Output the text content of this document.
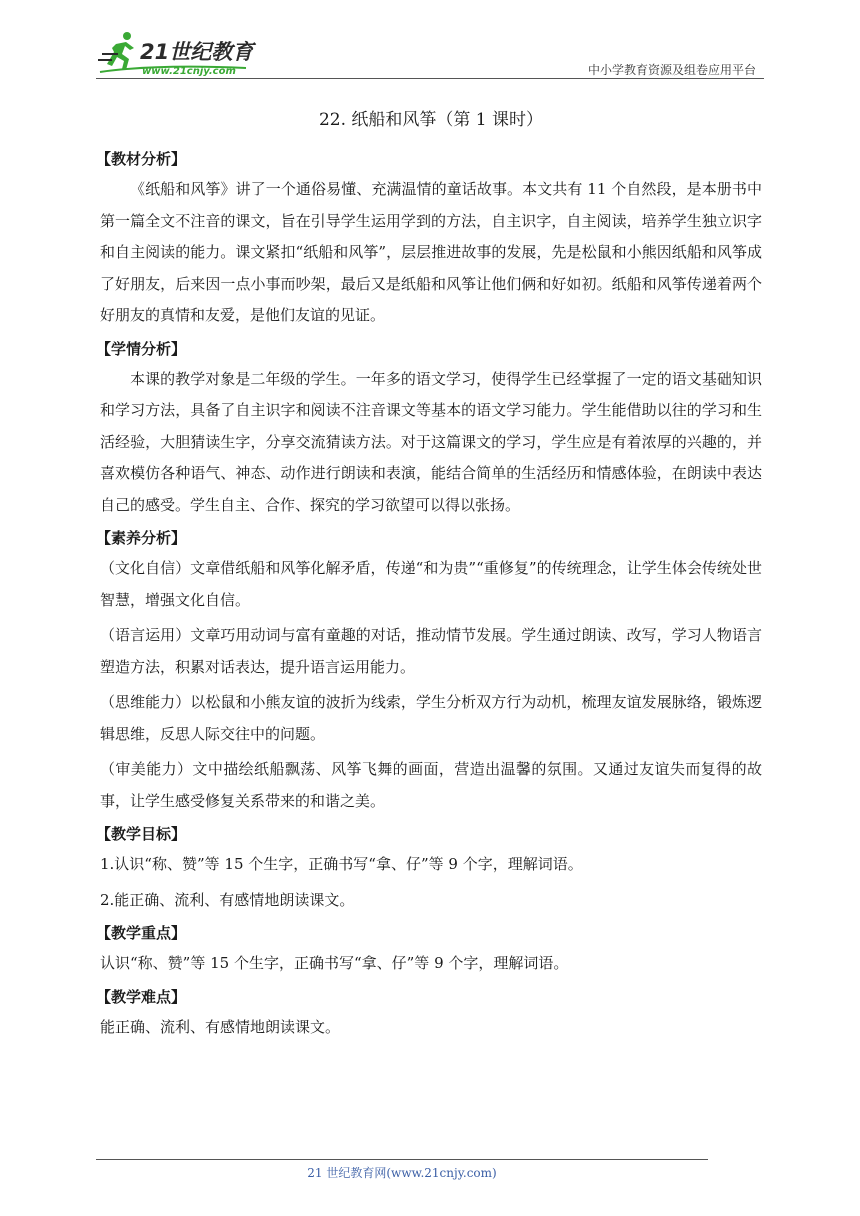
21世纪教育
www.21cnjy.com	中小学教育资源及组卷应用平台
22. 纸船和风筝（第 1 课时）
【教材分析】

《纸船和风筝》讲了一个通俗易懂、充满温情的童话故事。本文共有 11 个自然段，是本册书中第一篇全文不注音的课文，旨在引导学生运用学到的方法，自主识字，自主阅读，培养学生独立识字和自主阅读的能力。课文紧扣“纸船和风筝”，层层推进故事的发展，先是松鼠和小熊因纸船和风筝成了好朋友，后来因一点小事而吵架，最后又是纸船和风筝让他们俩和好如初。纸船和风筝传递着两个好朋友的真情和友爱，是他们友谊的见证。

【学情分析】

本课的教学对象是二年级的学生。一年多的语文学习，使得学生已经掌握了一定的语文基础知识和学习方法，具备了自主识字和阅读不注音课文等基本的语文学习能力。学生能借助以往的学习和生活经验，大胆猜读生字，分享交流猜读方法。对于这篇课文的学习，学生应是有着浓厚的兴趣的，并喜欢模仿各种语气、神态、动作进行朗读和表演，能结合简单的生活经历和情感体验，在朗读中表达自己的感受。学生自主、合作、探究的学习欲望可以得以张扬。

【素养分析】

（文化自信）文章借纸船和风筝化解矛盾，传递“和为贵”“重修复”的传统理念，让学生体会传统处世智慧，增强文化自信。

（语言运用）文章巧用动词与富有童趣的对话，推动情节发展。学生通过朗读、改写，学习人物语言塑造方法，积累对话表达，提升语言运用能力。

（思维能力）以松鼠和小熊友谊的波折为线索，学生分析双方行为动机，梳理友谊发展脉络，锻炼逻辑思维，反思人际交往中的问题。

（审美能力）文中描绘纸船飘荡、风筝飞舞的画面，营造出温馨的氛围。又通过友谊失而复得的故事，让学生感受修复关系带来的和谐之美。

【教学目标】

1.认识“称、赞”等 15 个生字，正确书写“拿、仔”等 9 个字，理解词语。

2.能正确、流利、有感情地朗读课文。

【教学重点】

认识“称、赞”等 15 个生字，正确书写“拿、仔”等 9 个字，理解词语。

【教学难点】

能正确、流利、有感情地朗读课文。

21 世纪教育网(www.21cnjy.com)
